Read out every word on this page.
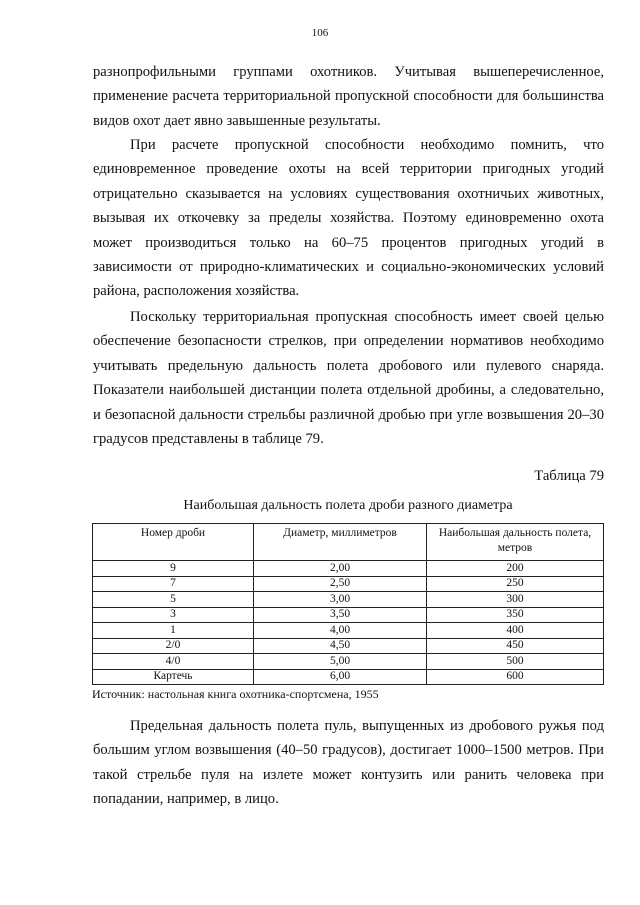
106

разнопрофильными группами охотников. Учитывая вышеперечисленное, применение расчета территориальной пропускной способности для большинства видов охот дает явно завышенные результаты.

При расчете пропускной способности необходимо помнить, что единовременное проведение охоты на всей территории пригодных угодий отрицательно сказывается на условиях существования охотничьих животных, вызывая их откочевку за пределы хозяйства. Поэтому единовременно охота может производиться только на 60–75 процентов пригодных угодий в зависимости от природно-климатических и социально-экономических условий района, расположения хозяйства.

Поскольку территориальная пропускная способность имеет своей целью обеспечение безопасности стрелков, при определении нормативов необходимо учитывать предельную дальность полета дробового или пулевого снаряда. Показатели наибольшей дистанции полета отдельной дробины, а следовательно, и безопасной дальности стрельбы различной дробью при угле возвышения 20–30 градусов представлены в таблице 79.

Таблица 79
Наибольшая дальность полета дроби разного диаметра
Номер дроби	Диаметр, миллиметров	Наибольшая дальность полета, метров
9	2,00	200
7	2,50	250
5	3,00	300
3	3,50	350
1	4,00	400
2/0	4,50	450
4/0	5,00	500
Картечь	6,00	600
Источник: настольная книга охотника-спортсмена, 1955

Предельная дальность полета пуль, выпущенных из дробового ружья под большим углом возвышения (40–50 градусов), достигает 1000–1500 метров. При такой стрельбе пуля на излете может контузить или ранить человека при попадании, например, в лицо.
